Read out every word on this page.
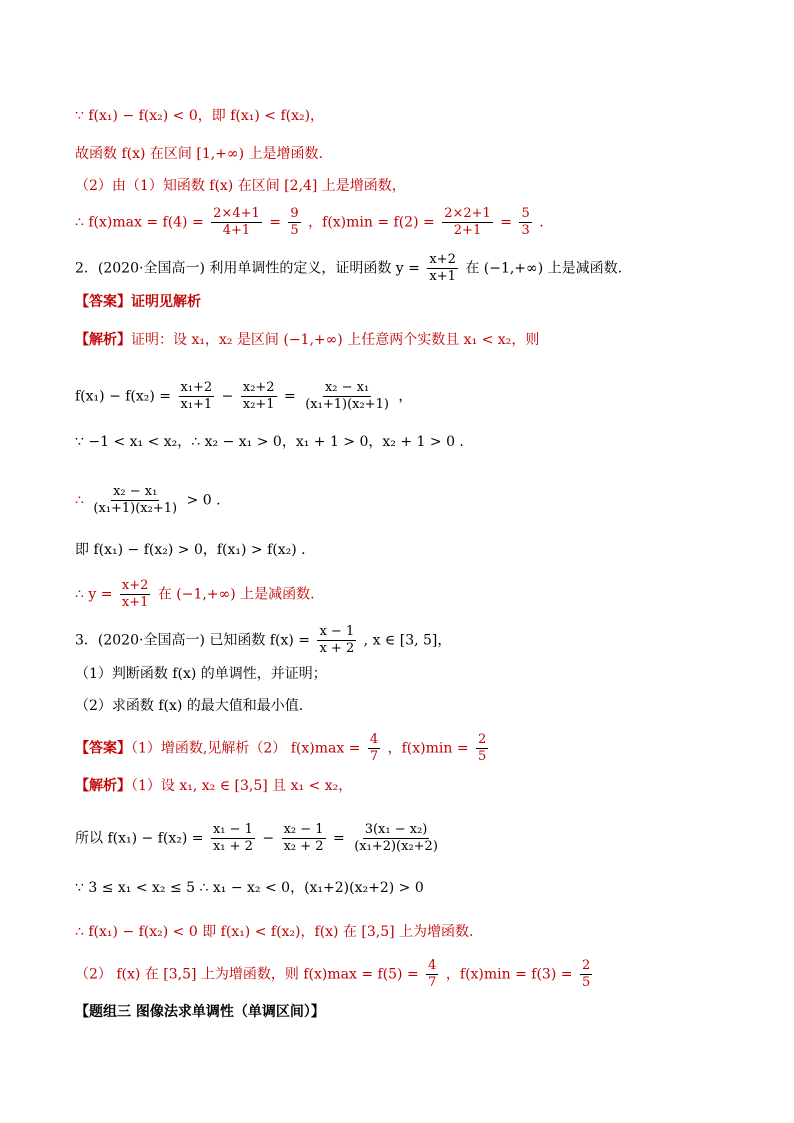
∵ f(x₁) − f(x₂) < 0，即 f(x₁) < f(x₂)，
故函数 f(x) 在区间 [1,+∞) 上是增函数.
（2）由（1）知函数 f(x) 在区间 [2,4] 上是增函数，
∴ $f(x)\max = f(4) = \frac{2\times 4+1}{4+1} = \frac{9}{5}$ ，$f(x)\min = f(2) = \frac{2\times 2+1}{2+1} = \frac{5}{3}$ .
2．(2020·全国高一) 利用单调性的定义，证明函数 $y = \frac{x+2}{x+1}$ 在 (−1,+∞) 上是减函数.
【答案】证明见解析
【解析】证明：设 x₁，x₂ 是区间 (−1,+∞) 上任意两个实数且 x₁ < x₂，则
$f(x_1) - f(x_2) = \frac{\text{x₁+2}}{\text{x₁+1}} - \frac{\text{x₂+2}}{\text{x₂+1}} = \frac{\text{x₂ − x₁}}{\text{(x₁+1)(x₂+1)}}$ ，
∵ −1 < x₁ < x₂，∴ x₂ − x₁ > 0，x₁ + 1 > 0，x₂ + 1 > 0 .
∴ $\frac{\text{x₂ − x₁}}{\text{(x₁+1)(x₂+1)}} > 0$ .
即 f(x₁) − f(x₂) > 0，f(x₁) > f(x₂) .
∴ $y = \frac{x+2}{x+1}$ 在 (−1,+∞) 上是减函数.
3．(2020·全国高一) 已知函数 $f(x) = \frac{x - 1}{x + 2}$ , x ∈ [3, 5]，
（1）判断函数 f(x) 的单调性，并证明；
（2）求函数 f(x) 的最大值和最小值.
【答案】（1）增函数,见解析（2） $f(x)\max = \frac{4}{7}$ ，$f(x)\min = \frac{2}{5}$
【解析】（1）设 x₁, x₂ ∈ [3,5] 且 x₁ < x₂，
所以 $f(x_1) - f(x_2) = \frac{\text{x₁ − 1}}{\text{x₁ + 2}} - \frac{\text{x₂ − 1}}{\text{x₂ + 2}} = \frac{\text{3(x₁ − x₂)}}{\text{(x₁+2)(x₂+2)}}$
∵ 3 ≤ x₁ < x₂ ≤ 5 ∴ x₁ − x₂ < 0，(x₁+2)(x₂+2) > 0
∴ f(x₁) − f(x₂) < 0 即 f(x₁) < f(x₂)，f(x) 在 [3,5] 上为增函数.
（2） f(x) 在 [3,5] 上为增函数，则 $f(x)\max = f(5) = \frac{4}{7}$ ，$f(x)\min = f(3) = \frac{2}{5}$
【题组三 图像法求单调性（单调区间）】
